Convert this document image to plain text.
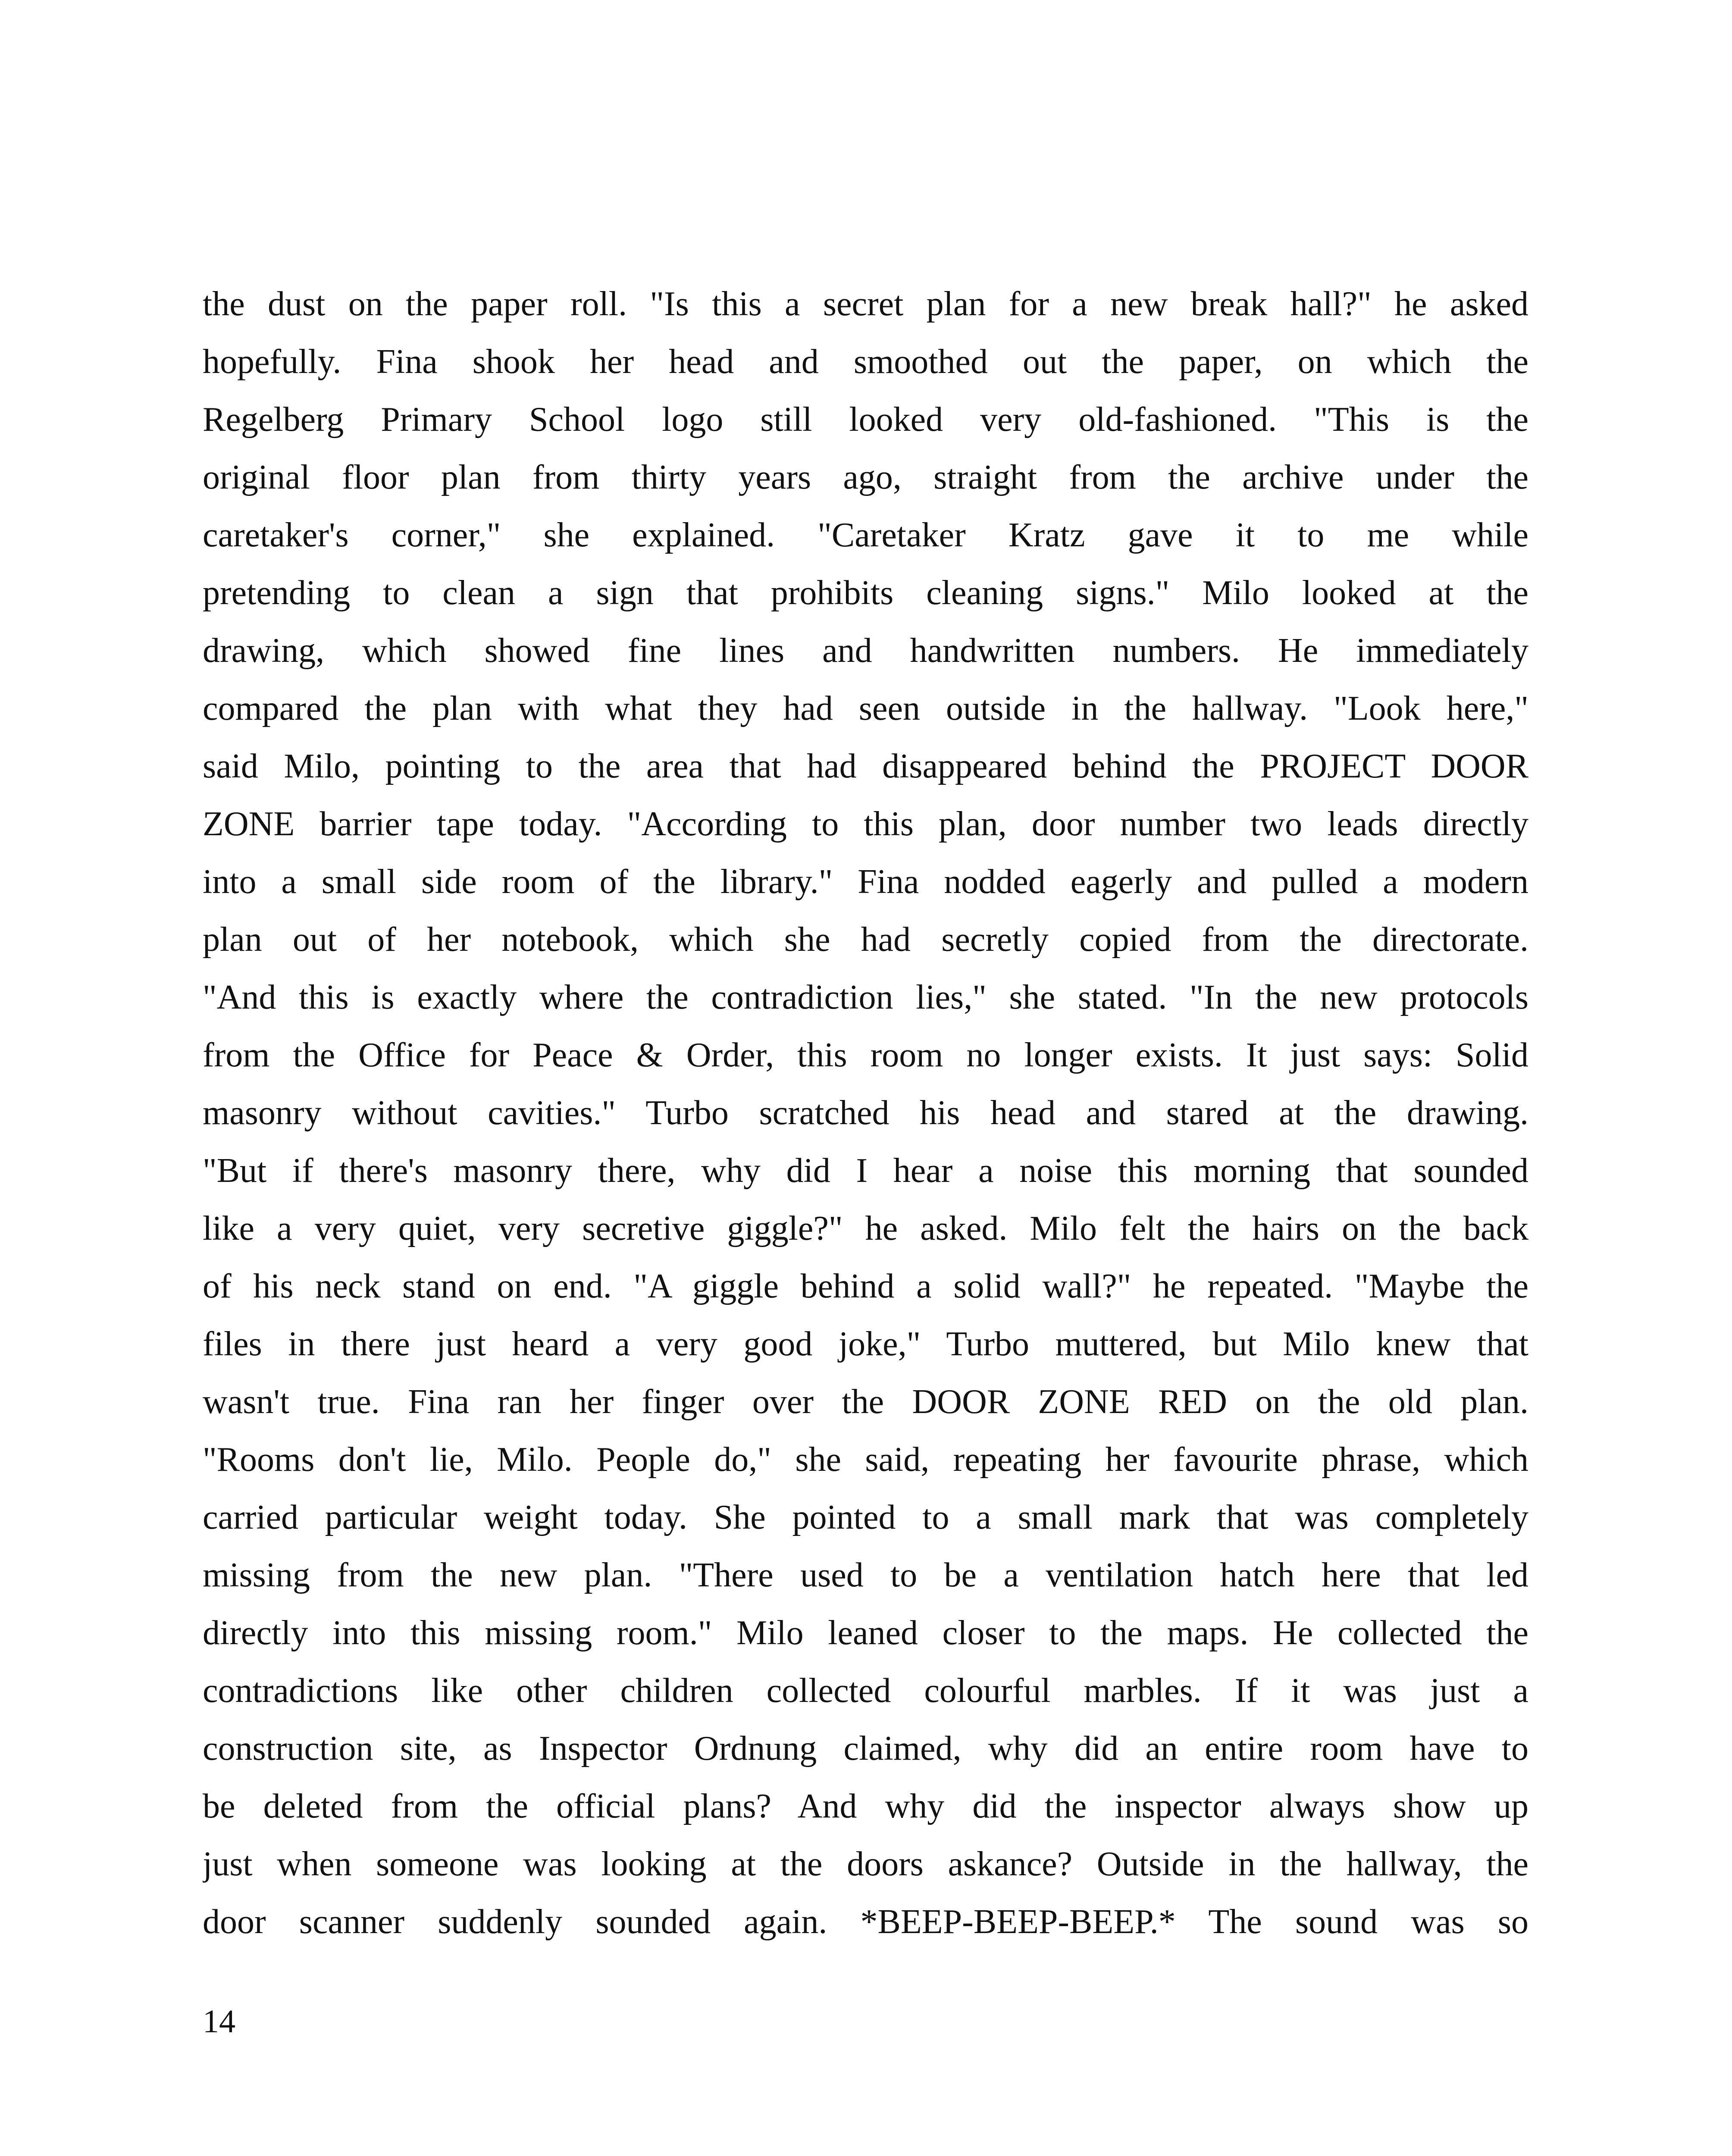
the dust on the paper roll. "Is this a secret plan for a new break hall?" he asked
hopefully. Fina shook her head and smoothed out the paper, on which the
Regelberg Primary School logo still looked very old-fashioned. "This is the
original floor plan from thirty years ago, straight from the archive under the
caretaker's corner," she explained. "Caretaker Kratz gave it to me while
pretending to clean a sign that prohibits cleaning signs." Milo looked at the
drawing, which showed fine lines and handwritten numbers. He immediately
compared the plan with what they had seen outside in the hallway. "Look here,"
said Milo, pointing to the area that had disappeared behind the PROJECT DOOR
ZONE barrier tape today. "According to this plan, door number two leads directly
into a small side room of the library." Fina nodded eagerly and pulled a modern
plan out of her notebook, which she had secretly copied from the directorate.
"And this is exactly where the contradiction lies," she stated. "In the new protocols
from the Office for Peace & Order, this room no longer exists. It just says: Solid
masonry without cavities." Turbo scratched his head and stared at the drawing.
"But if there's masonry there, why did I hear a noise this morning that sounded
like a very quiet, very secretive giggle?" he asked. Milo felt the hairs on the back
of his neck stand on end. "A giggle behind a solid wall?" he repeated. "Maybe the
files in there just heard a very good joke," Turbo muttered, but Milo knew that
wasn't true. Fina ran her finger over the DOOR ZONE RED on the old plan.
"Rooms don't lie, Milo. People do," she said, repeating her favourite phrase, which
carried particular weight today. She pointed to a small mark that was completely
missing from the new plan. "There used to be a ventilation hatch here that led
directly into this missing room." Milo leaned closer to the maps. He collected the
contradictions like other children collected colourful marbles. If it was just a
construction site, as Inspector Ordnung claimed, why did an entire room have to
be deleted from the official plans? And why did the inspector always show up
just when someone was looking at the doors askance? Outside in the hallway, the
door scanner suddenly sounded again. *BEEP-BEEP-BEEP.* The sound was so
14
